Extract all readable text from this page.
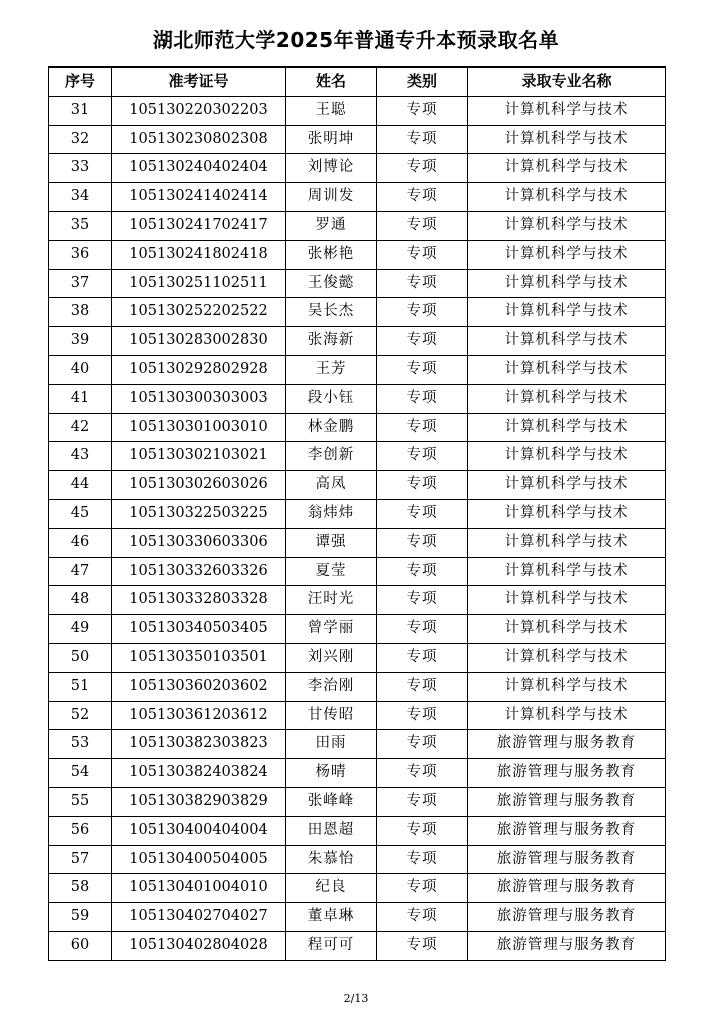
湖北师范大学2025年普通专升本预录取名单
序号	准考证号	姓名	类别	录取专业名称
31	105130220302203	王聪	专项	计算机科学与技术
32	105130230802308	张明坤	专项	计算机科学与技术
33	105130240402404	刘博论	专项	计算机科学与技术
34	105130241402414	周训发	专项	计算机科学与技术
35	105130241702417	罗通	专项	计算机科学与技术
36	105130241802418	张彬艳	专项	计算机科学与技术
37	105130251102511	王俊懿	专项	计算机科学与技术
38	105130252202522	吴长杰	专项	计算机科学与技术
39	105130283002830	张海新	专项	计算机科学与技术
40	105130292802928	王芳	专项	计算机科学与技术
41	105130300303003	段小钰	专项	计算机科学与技术
42	105130301003010	林金鹏	专项	计算机科学与技术
43	105130302103021	李创新	专项	计算机科学与技术
44	105130302603026	高凤	专项	计算机科学与技术
45	105130322503225	翁炜炜	专项	计算机科学与技术
46	105130330603306	谭强	专项	计算机科学与技术
47	105130332603326	夏莹	专项	计算机科学与技术
48	105130332803328	汪时光	专项	计算机科学与技术
49	105130340503405	曾学丽	专项	计算机科学与技术
50	105130350103501	刘兴刚	专项	计算机科学与技术
51	105130360203602	李治刚	专项	计算机科学与技术
52	105130361203612	甘传昭	专项	计算机科学与技术
53	105130382303823	田雨	专项	旅游管理与服务教育
54	105130382403824	杨晴	专项	旅游管理与服务教育
55	105130382903829	张峰峰	专项	旅游管理与服务教育
56	105130400404004	田恩超	专项	旅游管理与服务教育
57	105130400504005	朱慕怡	专项	旅游管理与服务教育
58	105130401004010	纪良	专项	旅游管理与服务教育
59	105130402704027	董卓琳	专项	旅游管理与服务教育
60	105130402804028	程可可	专项	旅游管理与服务教育
2/13
